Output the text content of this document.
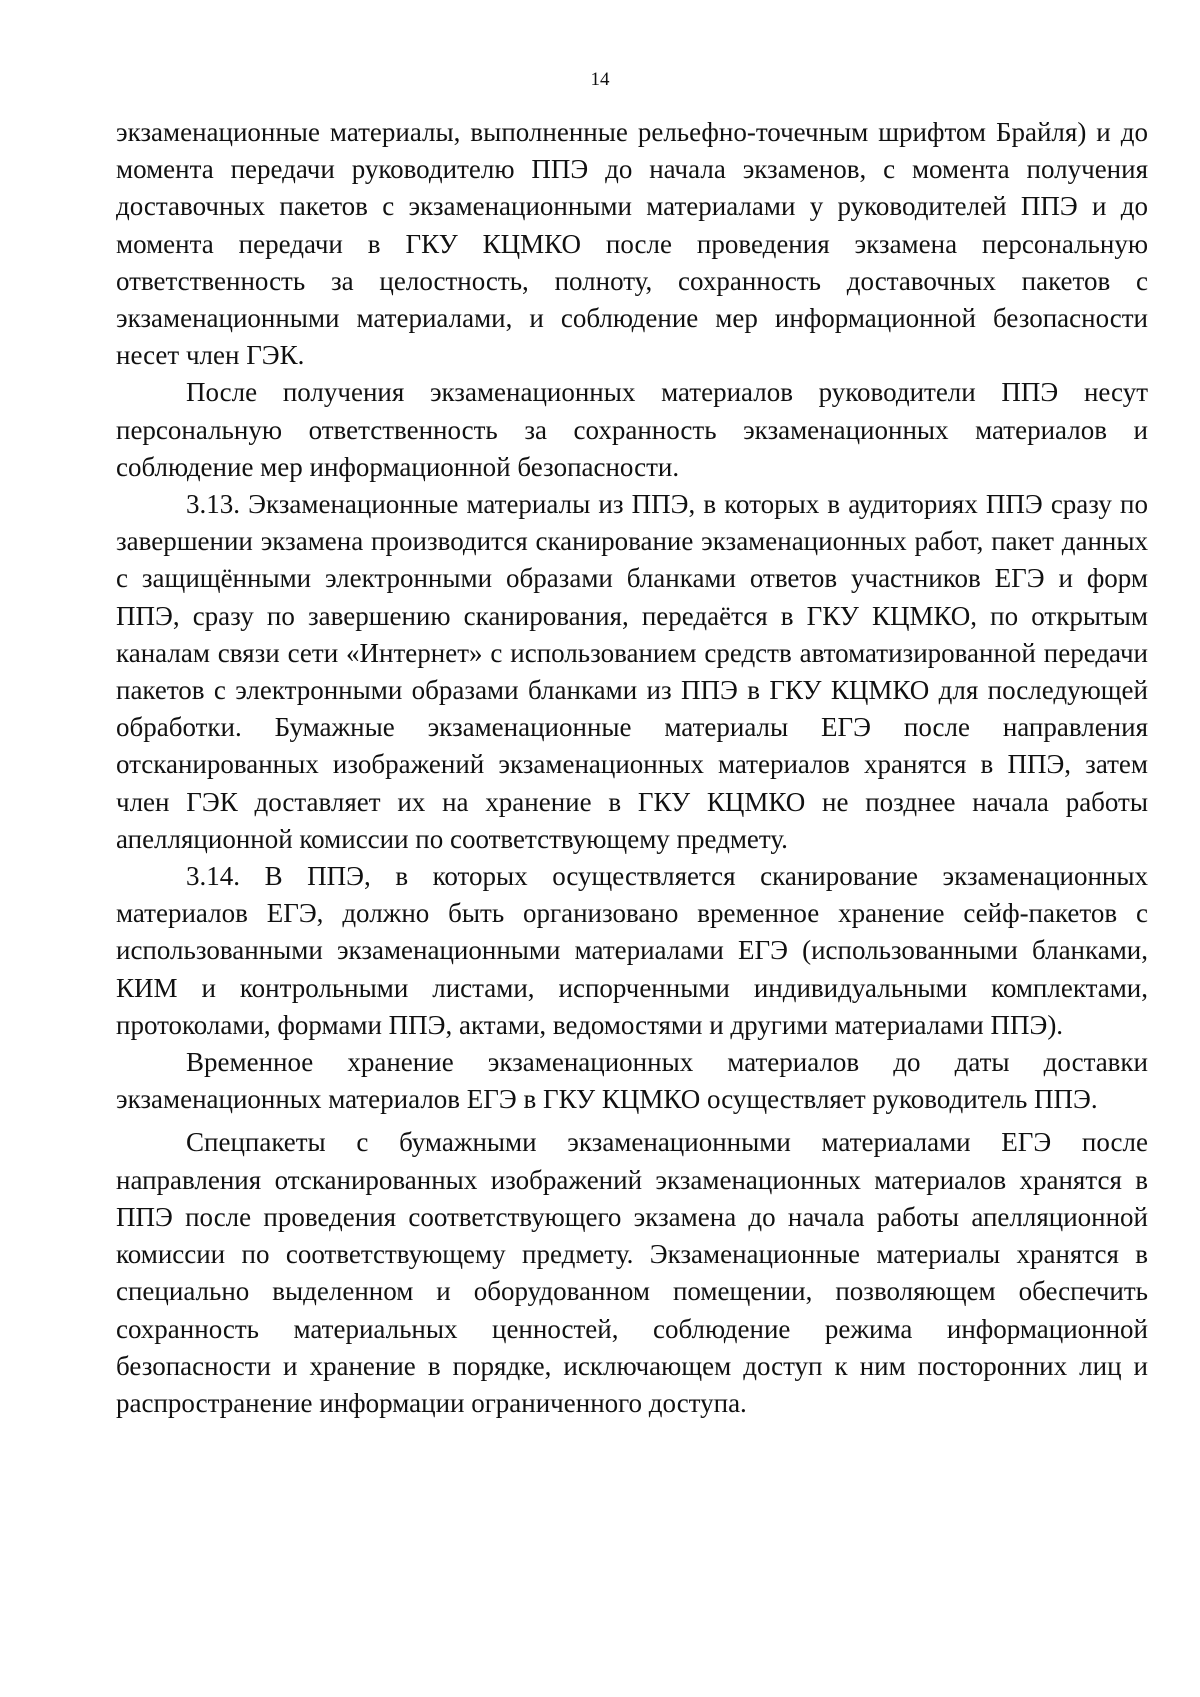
14

экзаменационные материалы, выполненные рельефно-точечным шрифтом Брайля) и до момента передачи руководителю ППЭ до начала экзаменов, с момента получения доставочных пакетов с экзаменационными материалами у руководителей ППЭ и до момента передачи в ГКУ КЦМКО после проведения экзамена персональную ответственность за целостность, полноту, сохранность доставочных пакетов с экзаменационными материалами, и соблюдение мер информационной безопасности несет член ГЭК.

После получения экзаменационных материалов руководители ППЭ несут персональную ответственность за сохранность экзаменационных материалов и соблюдение мер информационной безопасности.

3.13. Экзаменационные материалы из ППЭ, в которых в аудиториях ППЭ сразу по завершении экзамена производится сканирование экзаменационных работ, пакет данных с защищёнными электронными образами бланками ответов участников ЕГЭ и форм ППЭ, сразу по завершению сканирования, передаётся в ГКУ КЦМКО, по открытым каналам связи сети «Интернет» с использованием средств автоматизированной передачи пакетов с электронными образами бланками из ППЭ в ГКУ КЦМКО для последующей обработки. Бумажные экзаменационные материалы ЕГЭ после направления отсканированных изображений экзаменационных материалов хранятся в ППЭ, затем член ГЭК доставляет их на хранение в ГКУ КЦМКО не позднее начала работы апелляционной комиссии по соответствующему предмету.

3.14. В ППЭ, в которых осуществляется сканирование экзаменационных материалов ЕГЭ, должно быть организовано временное хранение сейф-пакетов с использованными экзаменационными материалами ЕГЭ (использованными бланками, КИМ и контрольными листами, испорченными индивидуальными комплектами, протоколами, формами ППЭ, актами, ведомостями и другими материалами ППЭ).

Временное хранение экзаменационных материалов до даты доставки экзаменационных материалов ЕГЭ в ГКУ КЦМКО осуществляет руководитель ППЭ.

Спецпакеты с бумажными экзаменационными материалами ЕГЭ после направления отсканированных изображений экзаменационных материалов хранятся в ППЭ после проведения соответствующего экзамена до начала работы апелляционной комиссии по соответствующему предмету. Экзаменационные материалы хранятся в специально выделенном и оборудованном помещении, позволяющем обеспечить сохранность материальных ценностей, соблюдение режима информационной безопасности и хранение в порядке, исключающем доступ к ним посторонних лиц и распространение информации ограниченного доступа.
